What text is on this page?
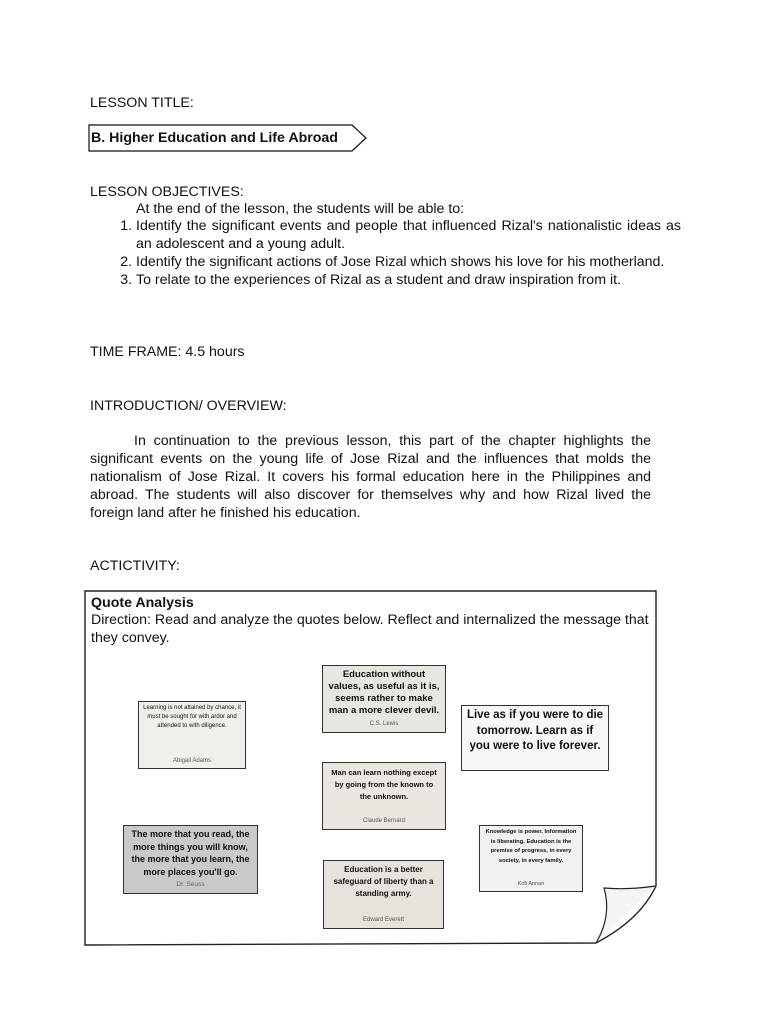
LESSON TITLE:
B. Higher Education and Life Abroad
LESSON OBJECTIVES:
At the end of the lesson, the students will be able to:
1. Identify the significant events and people that influenced Rizal's nationalistic ideas as an adolescent and a young adult.
2. Identify the significant actions of Jose Rizal which shows his love for his motherland.
3. To relate to the experiences of Rizal as a student and draw inspiration from it.
TIME FRAME: 4.5 hours
INTRODUCTION/ OVERVIEW:
In continuation to the previous lesson, this part of the chapter highlights the significant events on the young life of Jose Rizal and the influences that molds the nationalism of Jose Rizal. It covers his formal education here in the Philippines and abroad. The students will also discover for themselves why and how Rizal lived the foreign land after he finished his education.
ACTICTIVITY:
Quote Analysis
Direction: Read and analyze the quotes below. Reflect and internalized the message that they convey.
Learning is not attained by chance, it must be sought for with ardor and attended to with diligence.
Abigail Adams
Education without values, as useful as it is, seems rather to make man a more clever devil.
C.S. Lewis
Live as if you were to die tomorrow. Learn as if you were to live forever.
Man can learn nothing except by going from the known to the unknown.
Claude Bernard
The more that you read, the more things you will know, the more that you learn, the more places you'll go.
Dr. Seuss
Education is a better safeguard of liberty than a standing army.
Edward Everett
Knowledge is power. Information is liberating. Education is the premise of progress, in every society, in every family.
Kofi Annan
